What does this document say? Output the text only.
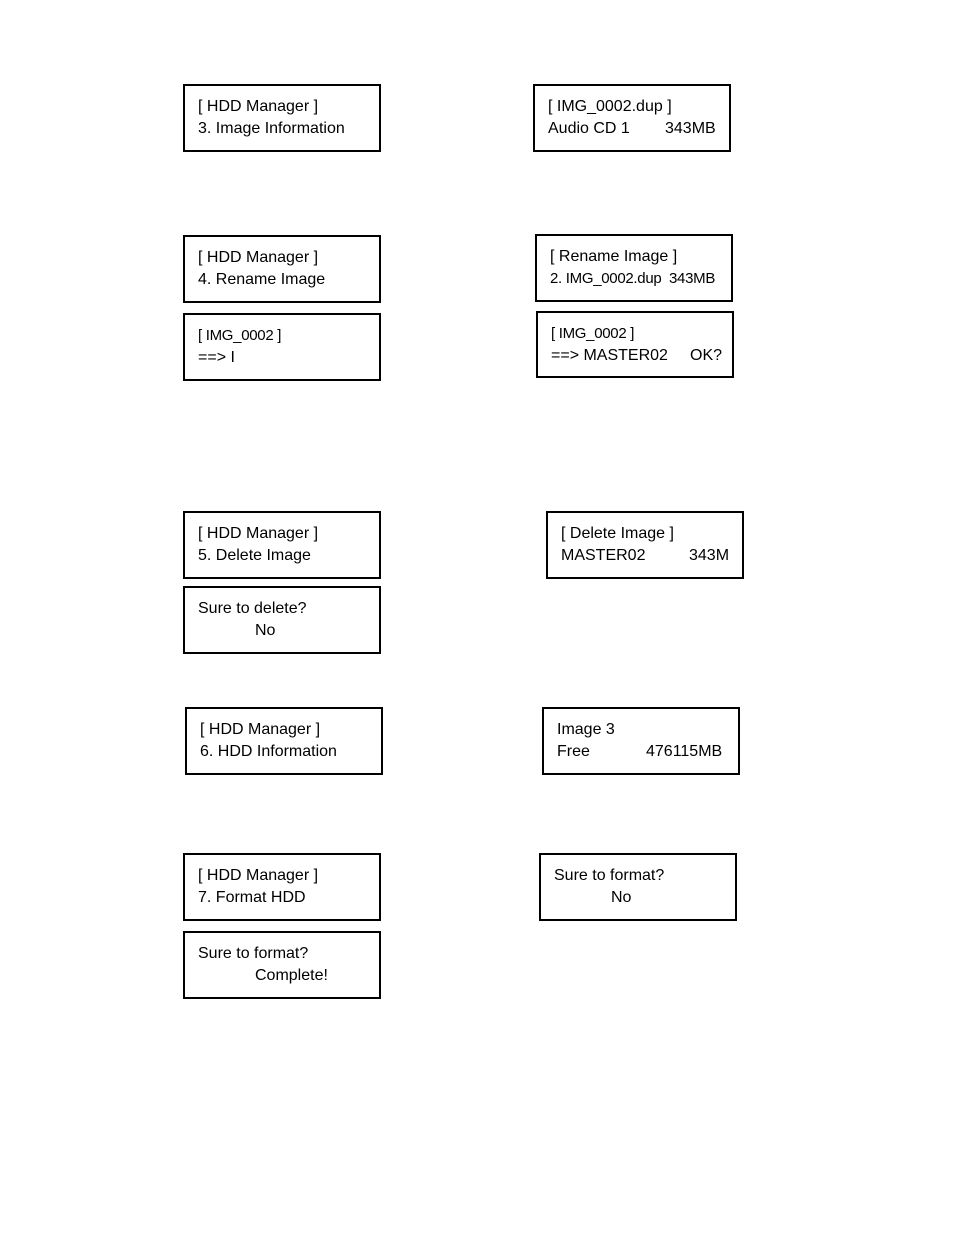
[ HDD Manager ]
3. Image Information
[ IMG_0002.dup ]
Audio CD 1 343MB
[ HDD Manager ]
4. Rename Image
[ Rename Image ]
2. IMG_0002.dup 343MB
[ IMG_0002 ]
==> I
[ IMG_0002 ]
==> MASTER02 OK?
[ HDD Manager ]
5. Delete Image
[ Delete Image ]
MASTER02	343M
Sure to delete?
No
[ HDD Manager ]
6. HDD Information
Image 3
Free	476115MB
[ HDD Manager ]
7. Format HDD
Sure to format?
No
Sure to format?
Complete!
